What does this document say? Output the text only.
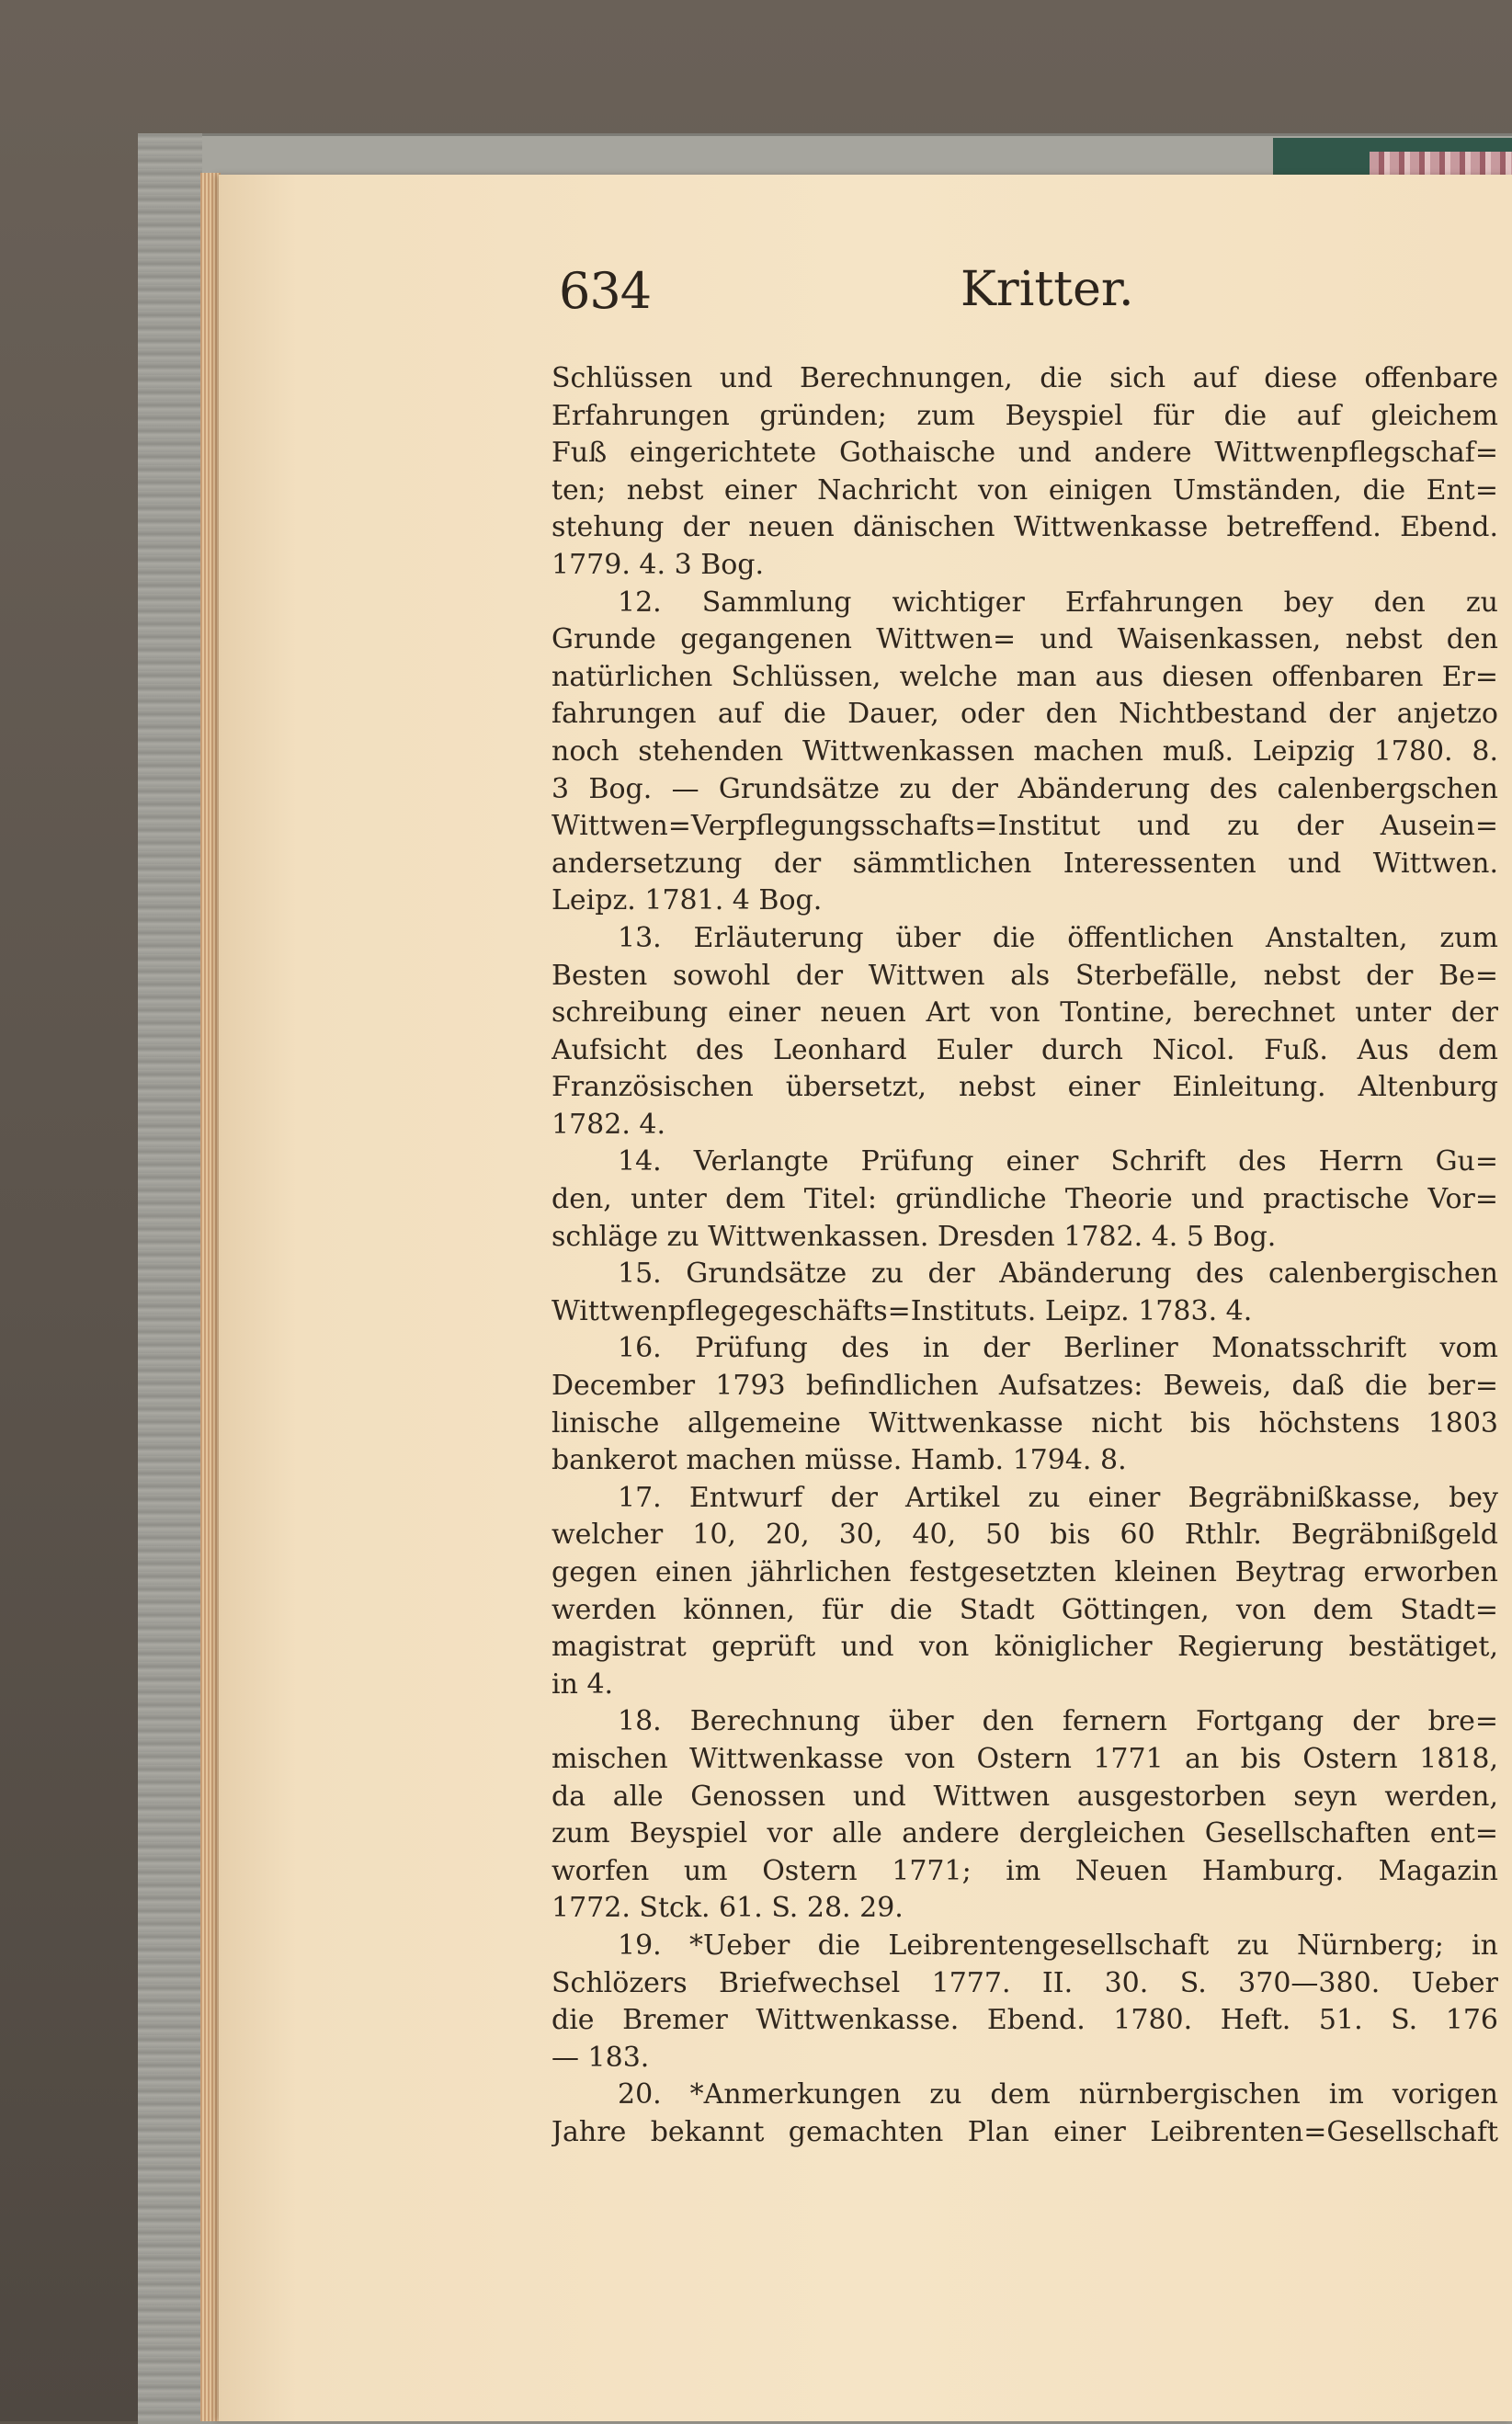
634	Kritter.
Schlüssen und Berechnungen, die sich auf diese offenbare
Erfahrungen gründen; zum Beyspiel für die auf gleichem
Fuß eingerichtete Gothaische und andere Wittwenpflegschaf=
ten; nebst einer Nachricht von einigen Umständen, die Ent=
stehung der neuen dänischen Wittwenkasse betreffend. Ebend.
1779. 4. 3 Bog.
12. Sammlung wichtiger Erfahrungen bey den zu
Grunde gegangenen Wittwen= und Waisenkassen, nebst den
natürlichen Schlüssen, welche man aus diesen offenbaren Er=
fahrungen auf die Dauer, oder den Nichtbestand der anjetzo
noch stehenden Wittwenkassen machen muß. Leipzig 1780. 8.
3 Bog. — Grundsätze zu der Abänderung des calenbergschen
Wittwen=Verpflegungsschafts=Institut und zu der Ausein=
andersetzung der sämmtlichen Interessenten und Wittwen.
Leipz. 1781. 4 Bog.
13. Erläuterung über die öffentlichen Anstalten, zum
Besten sowohl der Wittwen als Sterbefälle, nebst der Be=
schreibung einer neuen Art von Tontine, berechnet unter der
Aufsicht des Leonhard Euler durch Nicol. Fuß. Aus dem
Französischen übersetzt, nebst einer Einleitung. Altenburg
1782. 4.
14. Verlangte Prüfung einer Schrift des Herrn Gu=
den, unter dem Titel: gründliche Theorie und practische Vor=
schläge zu Wittwenkassen. Dresden 1782. 4. 5 Bog.
15. Grundsätze zu der Abänderung des calenbergischen
Wittwenpflegegeschäfts=Instituts. Leipz. 1783. 4.
16. Prüfung des in der Berliner Monatsschrift vom
December 1793 befindlichen Aufsatzes: Beweis, daß die ber=
linische allgemeine Wittwenkasse nicht bis höchstens 1803
bankerot machen müsse. Hamb. 1794. 8.
17. Entwurf der Artikel zu einer Begräbnißkasse, bey
welcher 10, 20, 30, 40, 50 bis 60 Rthlr. Begräbnißgeld
gegen einen jährlichen festgesetzten kleinen Beytrag erworben
werden können, für die Stadt Göttingen, von dem Stadt=
magistrat geprüft und von königlicher Regierung bestätiget,
in 4.
18. Berechnung über den fernern Fortgang der bre=
mischen Wittwenkasse von Ostern 1771 an bis Ostern 1818,
da alle Genossen und Wittwen ausgestorben seyn werden,
zum Beyspiel vor alle andere dergleichen Gesellschaften ent=
worfen um Ostern 1771; im Neuen Hamburg. Magazin
1772. Stck. 61. S. 28. 29.
19. *Ueber die Leibrentengesellschaft zu Nürnberg; in
Schlözers Briefwechsel 1777. II. 30. S. 370—380. Ueber
die Bremer Wittwenkasse. Ebend. 1780. Heft. 51. S. 176
— 183.
20. *Anmerkungen zu dem nürnbergischen im vorigen
Jahre bekannt gemachten Plan einer Leibrenten=Gesellschaft
